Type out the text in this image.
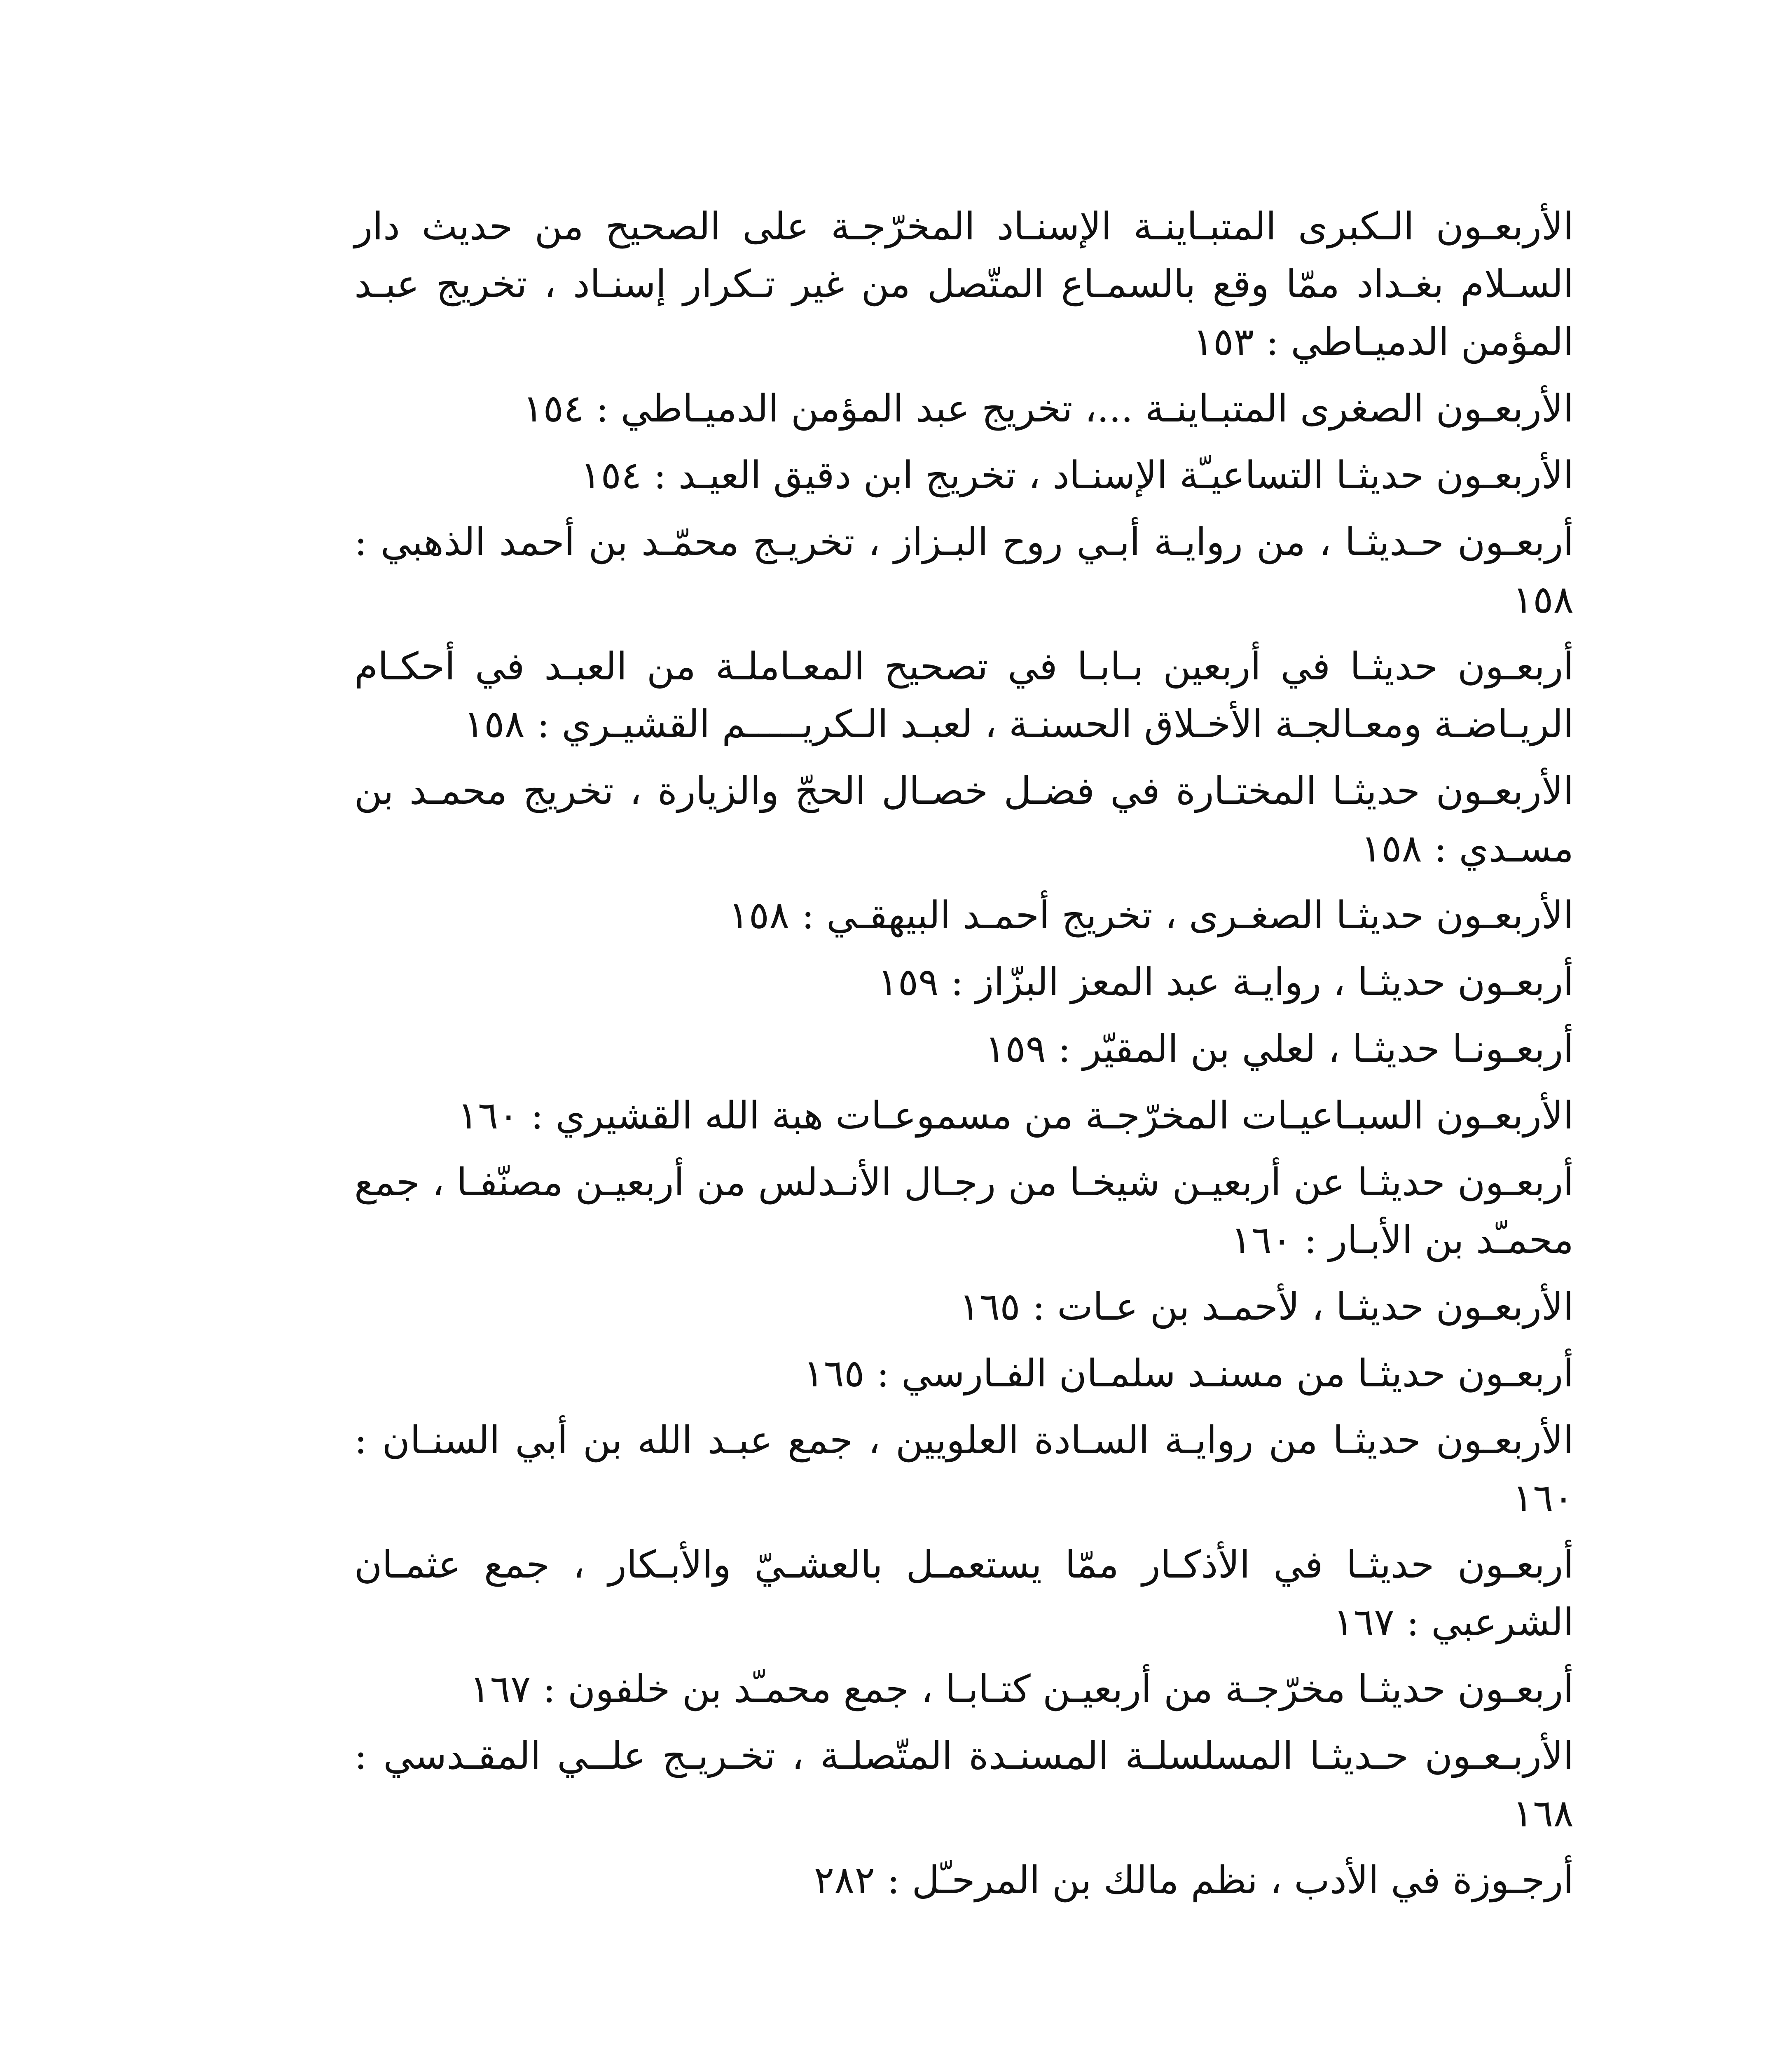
الأربعـون الـكبرى المتبـاينـة الإسنـاد المخرّجـة على الصحيح من حديث دار السـلام بغـداد ممّا وقع بالسمـاع المتّصل من غير تـكرار إسنـاد ، تخريج عبـد المؤمن الدميـاطي : ١٥٣

الأربعـون الصغرى المتبـاينـة ...، تخريج عبد المؤمن الدميـاطي : ١٥٤

الأربعـون حديثـا التساعيـّة الإسنـاد ، تخريج ابن دقيق العيـد : ١٥٤

أربعـون حـديثـا ، من روايـة أبـي روح البـزاز ، تخريـج محمّـد بن أحمد الذهبي : ١٥٨

أربعـون حديثـا في أربعين بـابـا في تصحيح المعـاملـة من العبـد في أحكـام الريـاضـة ومعـالجـة الأخـلاق الحسنـة ، لعبـد الـكريـــــم القشيـري : ١٥٨

الأربعـون حديثـا المختـارة في فضـل خصـال الحجّ والزيارة ، تخريج محمـد بن مسـدي : ١٥٨

الأربعـون حديثـا الصغـرى ، تخريج أحمـد البيهقـي : ١٥٨

أربعـون حديثـا ، روايـة عبد المعز البزّاز : ١٥٩

أربعـونـا حديثـا ، لعلي بن المقيّر : ١٥٩

الأربعـون السبـاعيـات المخرّجـة من مسموعـات هبة الله القشيري : ١٦٠

أربعـون حديثـا عن أربعيـن شيخـا من رجـال الأنـدلس من أربعيـن مصنّفـا ، جمع محمـّد بن الأبـار : ١٦٠

الأربعـون حديثـا ، لأحمـد بن عـات : ١٦٥

أربعـون حديثـا من مسنـد سلمـان الفـارسي : ١٦٥

الأربعـون حديثـا من روايـة السـادة العلويين ، جمع عبـد الله بن أبي السنـان : ١٦٠

أربعـون حديثـا في الأذكـار ممّا يستعمـل بالعشـيّ والأبـكار ، جمع عثمـان الشرعبي : ١٦٧

أربعـون حديثـا مخرّجـة من أربعيـن كتـابـا ، جمع محمـّد بن خلفون : ١٦٧

الأربـعـون حـديثـا المسلسلـة المسنـدة المتّصلـة ، تخـريـج علــي المقـدسي : ١٦٨

أرجـوزة في الأدب ، نظم مالك بن المرحـّل : ٢٨٢
